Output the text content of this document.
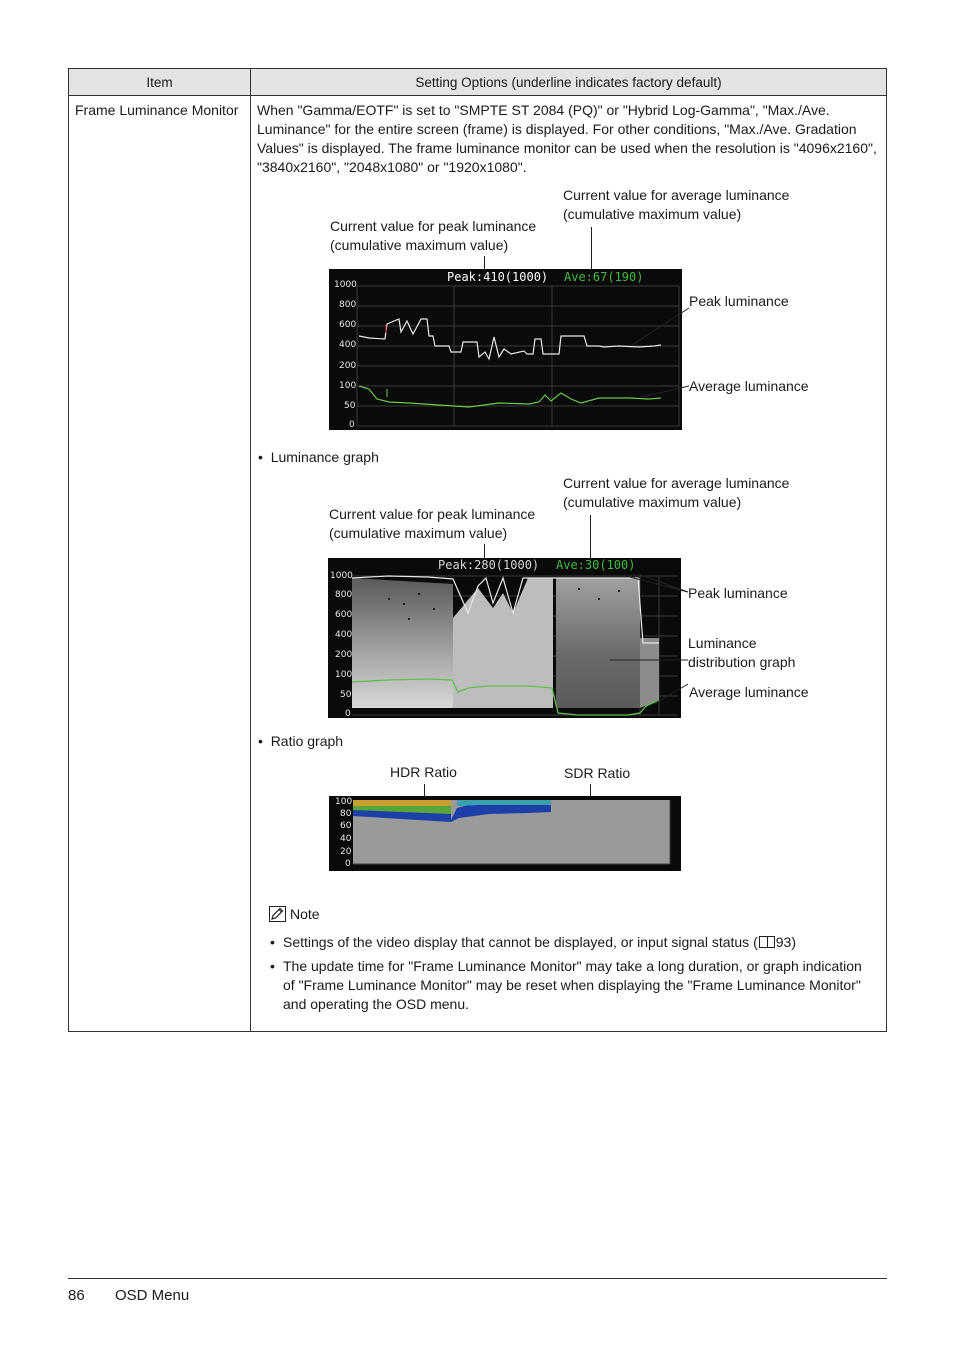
Item	Setting Options (underline indicates factory default)
Frame Luminance Monitor When "Gamma/EOTF" is set to "SMPTE ST 2084 (PQ)" or "Hybrid Log-Gamma", "Max./Ave. Luminance" for the entire screen (frame) is displayed. For other conditions, "Max./Ave. Gradation Values" is displayed. The frame luminance monitor can be used when the resolution is "4096x2160", "3840x2160", "2048x1080" or "1920x1080".
Current value for average luminance
(cumulative maximum value)
Current value for peak luminance
(cumulative maximum value)
Peak:410(1000) Ave:67(190)
1000
800
600
400
200
100
50
0
Peak luminance
Average luminance
•  Luminance graph
Current value for average luminance
(cumulative maximum value)
Current value for peak luminance
(cumulative maximum value)
Peak:280(1000) Ave:30(100)
1000
800
600
400
200
100
50
0
Peak luminance
Luminance
distribution graph
Average luminance
•  Ratio graph
HDR Ratio	SDR Ratio
100
80
60
40
20
0
Note
• Settings of the video display that cannot be displayed, or input signal status ( 93)
• The update time for "Frame Luminance Monitor" may take a long duration, or graph indication of "Frame Luminance Monitor" may be reset when displaying the "Frame Luminance Monitor" and operating the OSD menu.
86 OSD Menu
